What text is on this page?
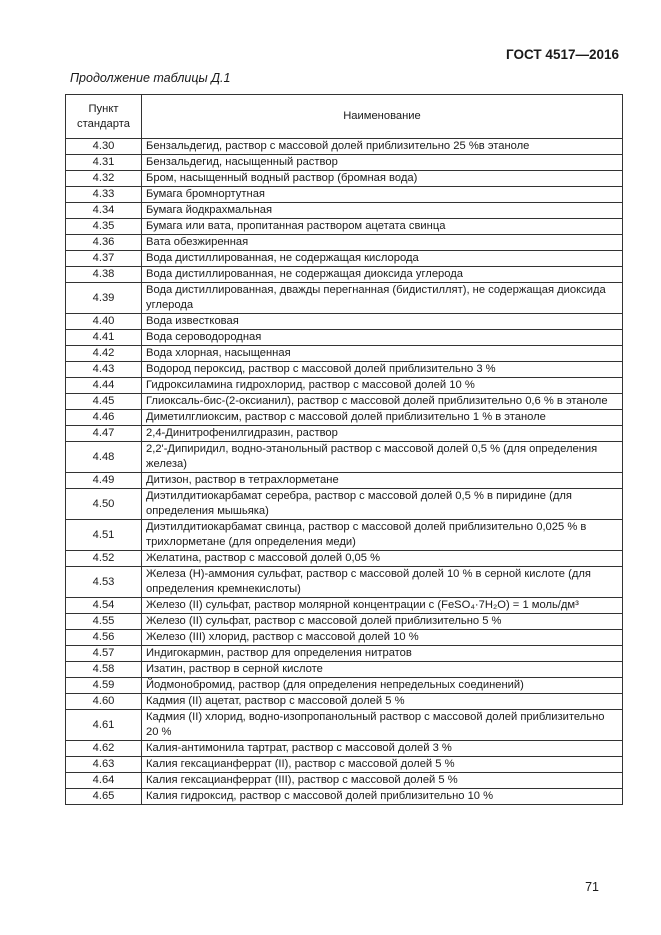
ГОСТ 4517—2016
Продолжение таблицы Д.1
Пункт стандарта	Наименование
4.30	Бензальдегид, раствор с массовой долей приблизительно 25 %в этаноле
4.31	Бензальдегид, насыщенный раствор
4.32	Бром, насыщенный водный раствор (бромная вода)
4.33	Бумага бромнортутная
4.34	Бумага йодкрахмальная
4.35	Бумага или вата, пропитанная раствором ацетата свинца
4.36	Вата обезжиренная
4.37	Вода дистиллированная, не содержащая кислорода
4.38	Вода дистиллированная, не содержащая диоксида углерода
4.39	Вода дистиллированная, дважды перегнанная (бидистиллят), не содержащая диоксида углерода
4.40	Вода известковая
4.41	Вода сероводородная
4.42	Вода хлорная, насыщенная
4.43	Водород пероксид, раствор с массовой долей приблизительно 3 %
4.44	Гидроксиламина гидрохлорид, раствор с массовой долей 10 %
4.45	Глиоксаль-бис-(2-оксианил), раствор с массовой долей приблизительно 0,6 % в этаноле
4.46	Диметилглиоксим, раствор с массовой долей приблизительно 1 % в этаноле
4.47	2,4-Динитрофенилгидразин, раствор
4.48	2,2'-Дипиридил, водно-этанольный раствор с массовой долей 0,5 % (для определения железа)
4.49	Дитизон, раствор в тетрахлорметане
4.50	Диэтилдитиокарбамат серебра, раствор с массовой долей 0,5 % в пиридине (для определения мышьяка)
4.51	Диэтилдитиокарбамат свинца, раствор с массовой долей приблизительно 0,025 % в трихлорметане (для определения меди)
4.52	Желатина, раствор с массовой долей 0,05 %
4.53	Железа (Н)-аммония сульфат, раствор с массовой долей 10 % в серной кислоте (для определения кремнекислоты)
4.54	Железо (II) сульфат, раствор молярной концентрации c (FeSO₄·7H₂O) = 1 моль/дм³
4.55	Железо (II) сульфат, раствор с массовой долей приблизительно 5 %
4.56	Железо (III) хлорид, раствор с массовой долей 10 %
4.57	Индигокармин, раствор для определения нитратов
4.58	Изатин, раствор в серной кислоте
4.59	Йодмонобромид, раствор (для определения непредельных соединений)
4.60	Кадмия (II) ацетат, раствор с массовой долей 5 %
4.61	Кадмия (II) хлорид, водно-изопропанольный раствор с массовой долей приблизительно 20 %
4.62	Калия-антимонила тартрат, раствор с массовой долей 3 %
4.63	Калия гексацианферрат (II), раствор с массовой долей 5 %
4.64	Калия гексацианферрат (III), раствор с массовой долей 5 %
4.65	Калия гидроксид, раствор с массовой долей приблизительно 10 %
71
